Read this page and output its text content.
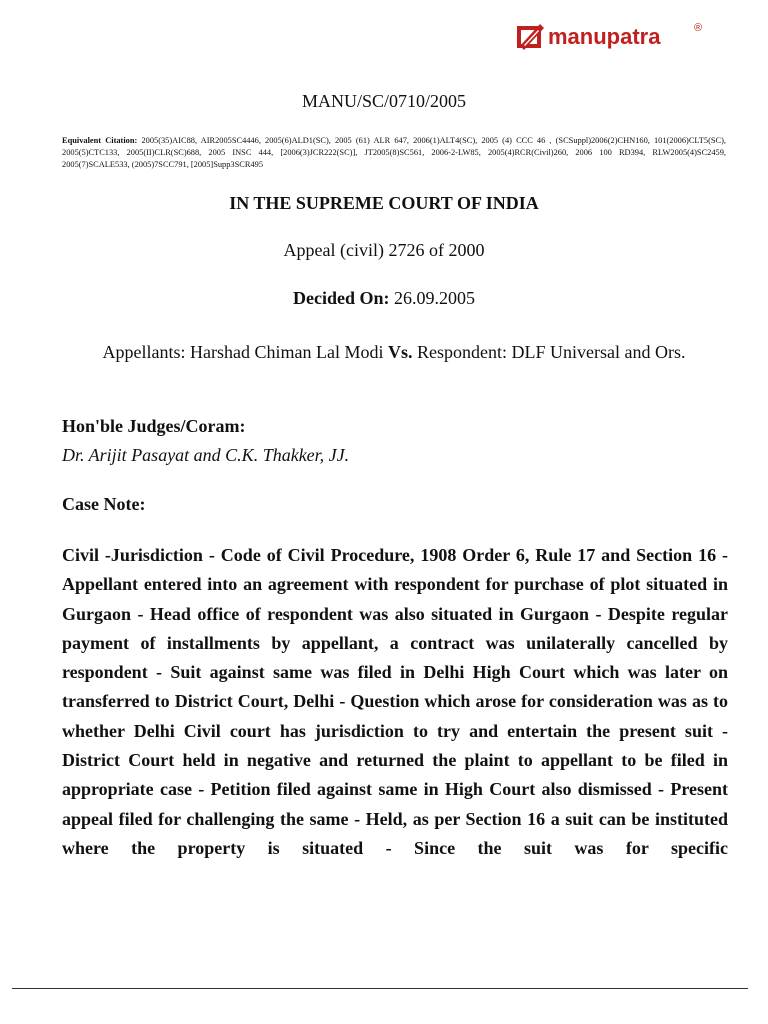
manupatra	®
MANU/SC/0710/2005
Equivalent Citation: 2005(35)AIC88, AIR2005SC4446, 2005(6)ALD1(SC), 2005 (61) ALR 647, 2006(1)ALT4(SC), 2005 (4) CCC 46 , (SCSuppl)2006(2)CHN160, 101(2006)CLT5(SC), 2005(5)CTC133, 2005(II)CLR(SC)688, 2005 INSC 444, [2006(3)JCR222(SC)], JT2005(8)SC561, 2006-2-LW85, 2005(4)RCR(Civil)260, 2006 100 RD394, RLW2005(4)SC2459, 2005(7)SCALE533, (2005)7SCC791, [2005]Supp3SCR495
IN THE SUPREME COURT OF INDIA
Appeal (civil) 2726 of 2000
Decided On: 26.09.2005
Appellants: Harshad Chiman Lal Modi Vs. Respondent: DLF Universal and Ors.
Hon'ble Judges/Coram:
Dr. Arijit Pasayat and C.K. Thakker, JJ.
Case Note:
Civil -Jurisdiction - Code of Civil Procedure, 1908 Order 6, Rule 17 and Section 16 - Appellant entered into an agreement with respondent for purchase of plot situated in Gurgaon - Head office of respondent was also situated in Gurgaon - Despite regular payment of installments by appellant, a contract was unilaterally cancelled by respondent - Suit against same was filed in Delhi High Court which was later on transferred to District Court, Delhi - Question which arose for consideration was as to whether Delhi Civil court has jurisdiction to try and entertain the present suit - District Court held in negative and returned the plaint to appellant to be filed in appropriate case - Petition filed against same in High Court also dismissed - Present appeal filed for challenging the same - Held, as per Section 16 a suit can be instituted where the property is situated - Since the suit was for specific
